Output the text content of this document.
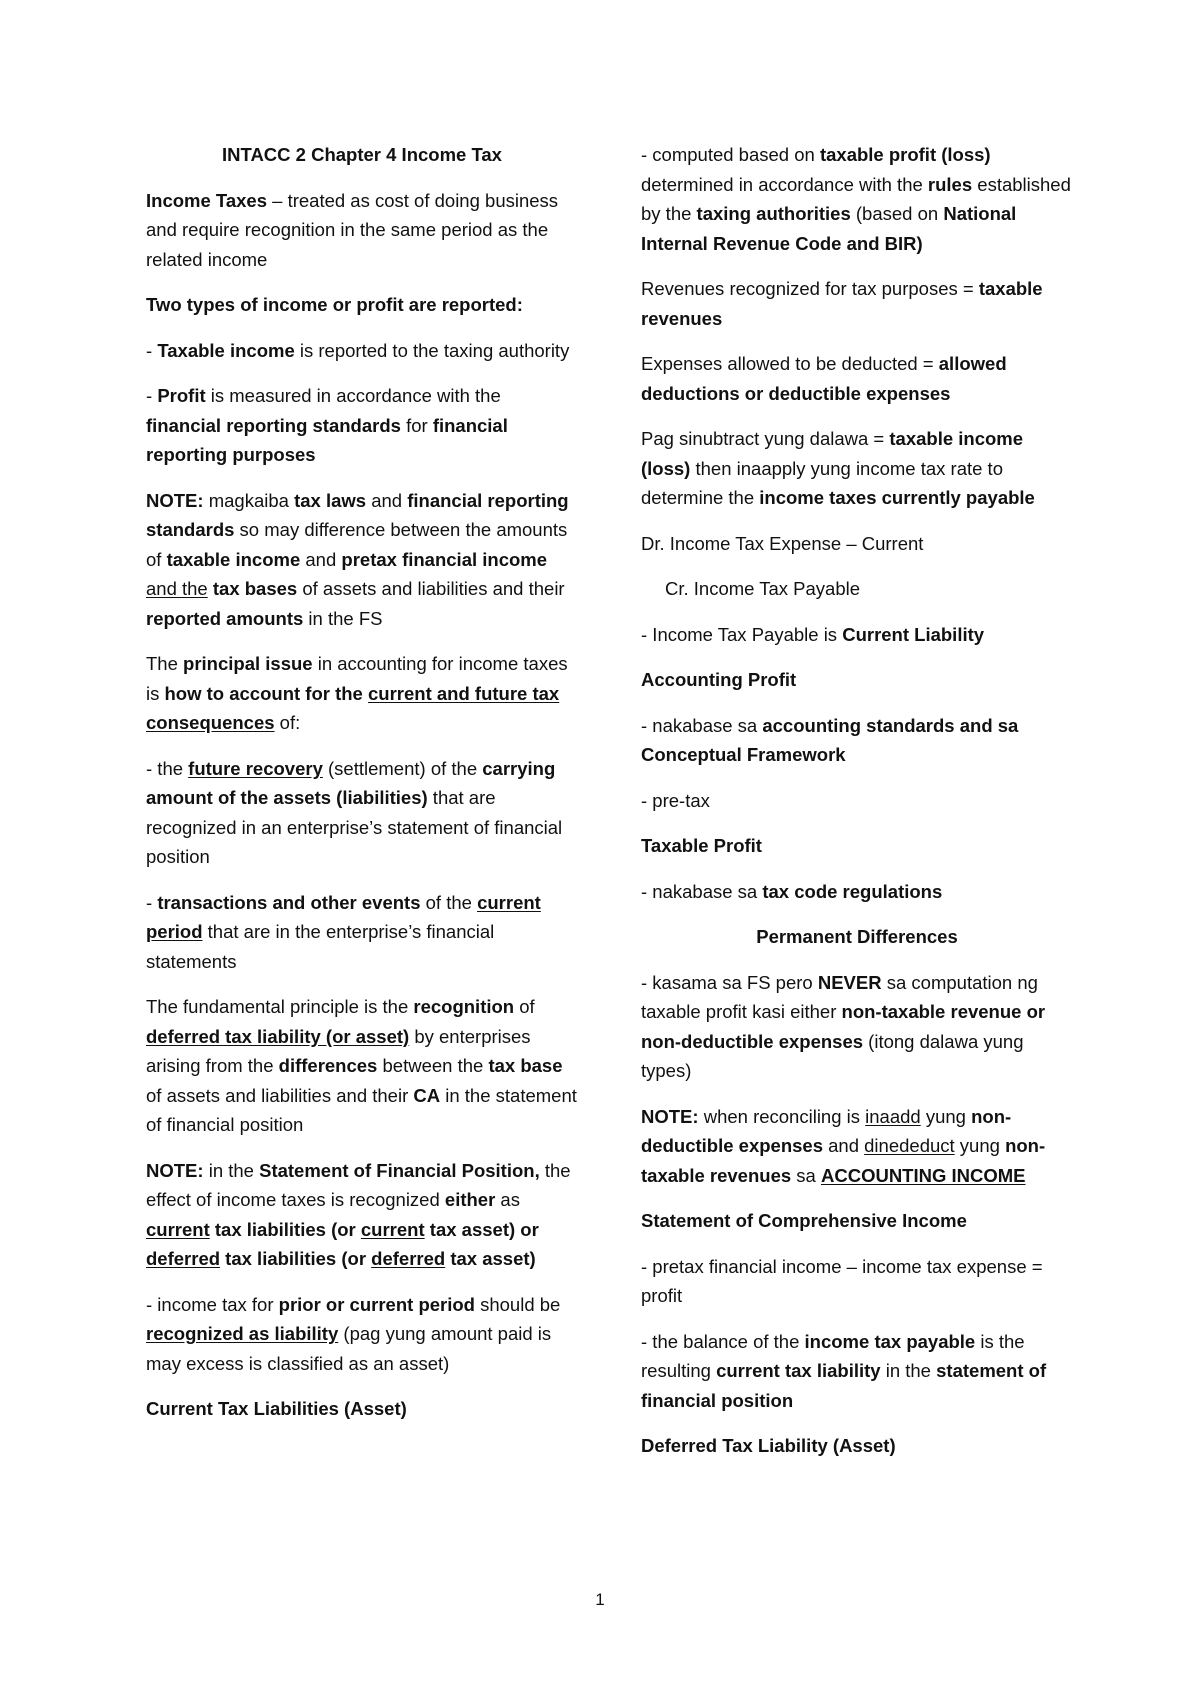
INTACC 2 Chapter 4 Income Tax

Income Taxes – treated as cost of doing business and require recognition in the same period as the related income

Two types of income or profit are reported:

- Taxable income is reported to the taxing authority

- Profit is measured in accordance with the financial reporting standards for financial reporting purposes

NOTE: magkaiba tax laws and financial reporting standards so may difference between the amounts of taxable income and pretax financial income and the tax bases of assets and liabilities and their reported amounts in the FS

The principal issue in accounting for income taxes is how to account for the current and future tax consequences of:

- the future recovery (settlement) of the carrying amount of the assets (liabilities) that are recognized in an enterprise’s statement of financial position

- transactions and other events of the current period that are in the enterprise’s financial statements

The fundamental principle is the recognition of deferred tax liability (or asset) by enterprises arising from the differences between the tax base of assets and liabilities and their CA in the statement of financial position

NOTE: in the Statement of Financial Position, the effect of income taxes is recognized either as current tax liabilities (or current tax asset) or deferred tax liabilities (or deferred tax asset)

- income tax for prior or current period should be recognized as liability (pag yung amount paid is may excess is classified as an asset)

Current Tax Liabilities (Asset)

- computed based on taxable profit (loss) determined in accordance with the rules established by the taxing authorities (based on National Internal Revenue Code and BIR)

Revenues recognized for tax purposes = taxable revenues

Expenses allowed to be deducted = allowed deductions or deductible expenses

Pag sinubtract yung dalawa = taxable income (loss) then inaapply yung income tax rate to determine the income taxes currently payable

Dr. Income Tax Expense – Current

Cr. Income Tax Payable

- Income Tax Payable is Current Liability

Accounting Profit

- nakabase sa accounting standards and sa Conceptual Framework

- pre-tax

Taxable Profit

- nakabase sa tax code regulations

Permanent Differences

- kasama sa FS pero NEVER sa computation ng taxable profit kasi either non-taxable revenue or non-deductible expenses (itong dalawa yung types)

NOTE: when reconciling is inaadd yung non-deductible expenses and dinededuct yung non-taxable revenues sa ACCOUNTING INCOME

Statement of Comprehensive Income

- pretax financial income – income tax expense = profit

- the balance of the income tax payable is the resulting current tax liability in the statement of financial position

Deferred Tax Liability (Asset)

1
